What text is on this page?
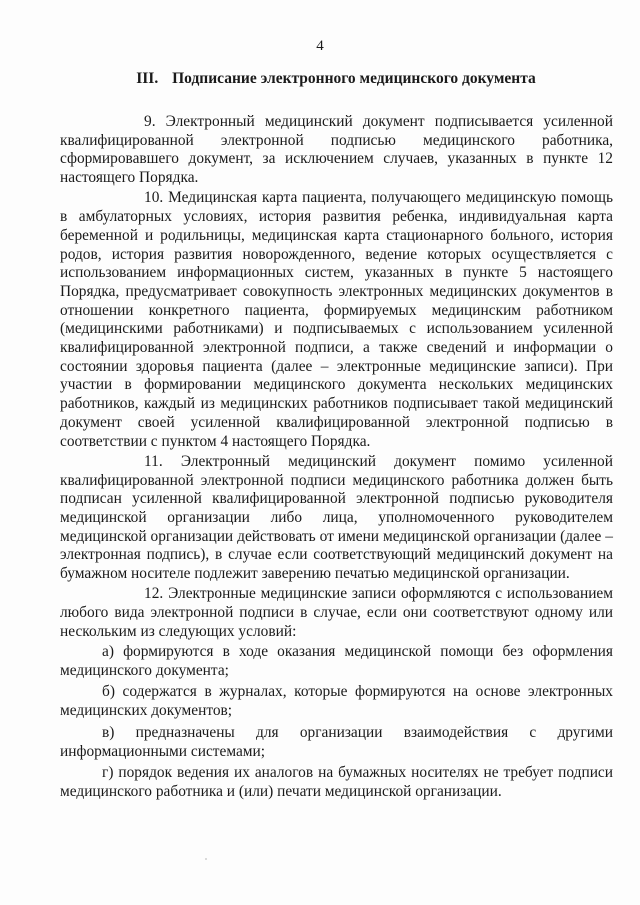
4
III. Подписание электронного медицинского документа

9. Электронный медицинский документ подписывается усиленной квалифицированной электронной подписью медицинского работника, сформировавшего документ, за исключением случаев, указанных в пункте 12 настоящего Порядка.

10. Медицинская карта пациента, получающего медицинскую помощь в амбулаторных условиях, история развития ребенка, индивидуальная карта беременной и родильницы, медицинская карта стационарного больного, история родов, история развития новорожденного, ведение которых осуществляется с использованием информационных систем, указанных в пункте 5 настоящего Порядка, предусматривает совокупность электронных медицинских документов в отношении конкретного пациента, формируемых медицинским работником (медицинскими работниками) и подписываемых с использованием усиленной квалифицированной электронной подписи, а также сведений и информации о состоянии здоровья пациента (далее – электронные медицинские записи). При участии в формировании медицинского документа нескольких медицинских работников, каждый из медицинских работников подписывает такой медицинский документ своей усиленной квалифицированной электронной подписью в соответствии с пунктом 4 настоящего Порядка.

11. Электронный медицинский документ помимо усиленной квалифицированной электронной подписи медицинского работника должен быть подписан усиленной квалифицированной электронной подписью руководителя медицинской организации либо лица, уполномоченного руководителем медицинской организации действовать от имени медицинской организации (далее – электронная подпись), в случае если соответствующий медицинский документ на бумажном носителе подлежит заверению печатью медицинской организации.

12. Электронные медицинские записи оформляются с использованием любого вида электронной подписи в случае, если они соответствуют одному или нескольким из следующих условий:

а) формируются в ходе оказания медицинской помощи без оформления медицинского документа;

б) содержатся в журналах, которые формируются на основе электронных медицинских документов;

в) предназначены для организации взаимодействия с другими информационными системами;

г) порядок ведения их аналогов на бумажных носителях не требует подписи медицинского работника и (или) печати медицинской организации.
